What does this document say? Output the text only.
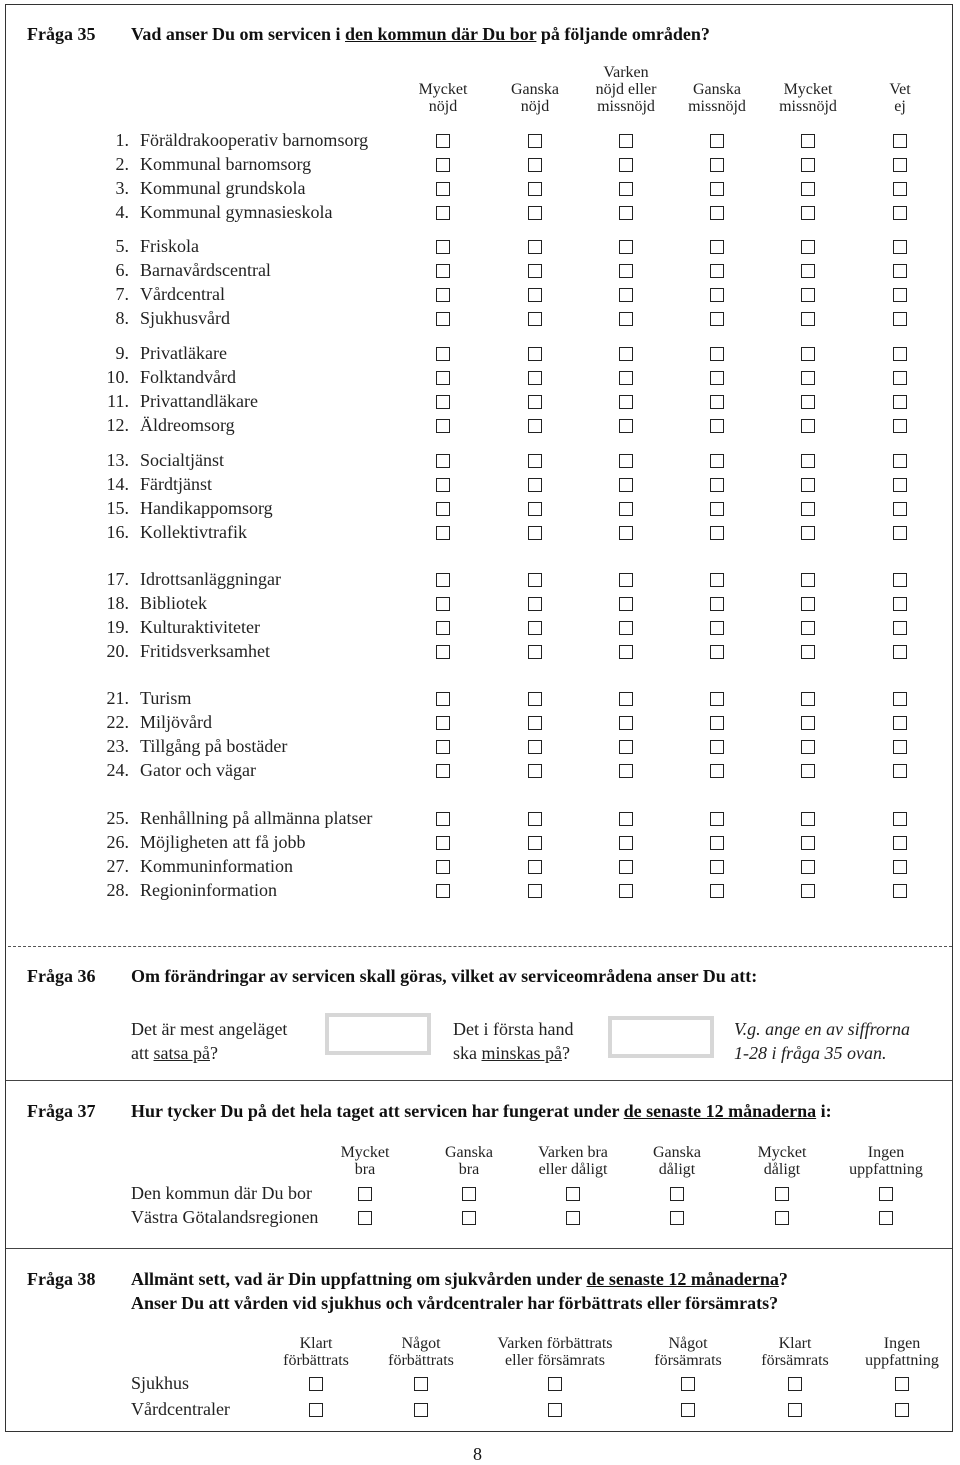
Fråga 35 Vad anser Du om servicen i den kommun där Du bor på följande områden?
Mycket
nöjd
Ganska
nöjd
Varken
nöjd eller
missnöjd
Ganska
missnöjd
Mycket
missnöjd
Vet
ej
1. Föräldrakooperativ barnomsorg
2. Kommunal barnomsorg
3. Kommunal grundskola
4. Kommunal gymnasieskola
5. Friskola
6. Barnavårdscentral
7. Vårdcentral
8. Sjukhusvård
9. Privatläkare
10. Folktandvård
11. Privattandläkare
12. Äldreomsorg
13. Socialtjänst
14. Färdtjänst
15. Handikappomsorg
16. Kollektivtrafik
17. Idrottsanläggningar
18. Bibliotek
19. Kulturaktiviteter
20. Fritidsverksamhet
21. Turism
22. Miljövård
23. Tillgång på bostäder
24. Gator och vägar
25. Renhållning på allmänna platser
26. Möjligheten att få jobb
27. Kommuninformation
28. Regioninformation
Fråga 36 Om förändringar av servicen skall göras, vilket av serviceområdena anser Du att:
Det är mest angeläget
att satsa på?
Det i första hand
ska minskas på?
V.g. ange en av siffrorna
1-28 i fråga 35 ovan.
Fråga 37 Hur tycker Du på det hela taget att servicen har fungerat under de senaste 12 månaderna i:
Mycket
bra
Ganska
bra
Varken bra
eller dåligt
Ganska
dåligt
Mycket
dåligt
Ingen
uppfattning
Den kommun där Du bor
Västra Götalandsregionen
Fråga 38 Allmänt sett, vad är Din uppfattning om sjukvården under de senaste 12 månaderna?
Anser Du att vården vid sjukhus och vårdcentraler har förbättrats eller försämrats?
Klart
förbättrats
Något
förbättrats
Varken förbättrats
eller försämrats
Något
försämrats
Klart
försämrats
Ingen
uppfattning
Sjukhus
Vårdcentraler
8
